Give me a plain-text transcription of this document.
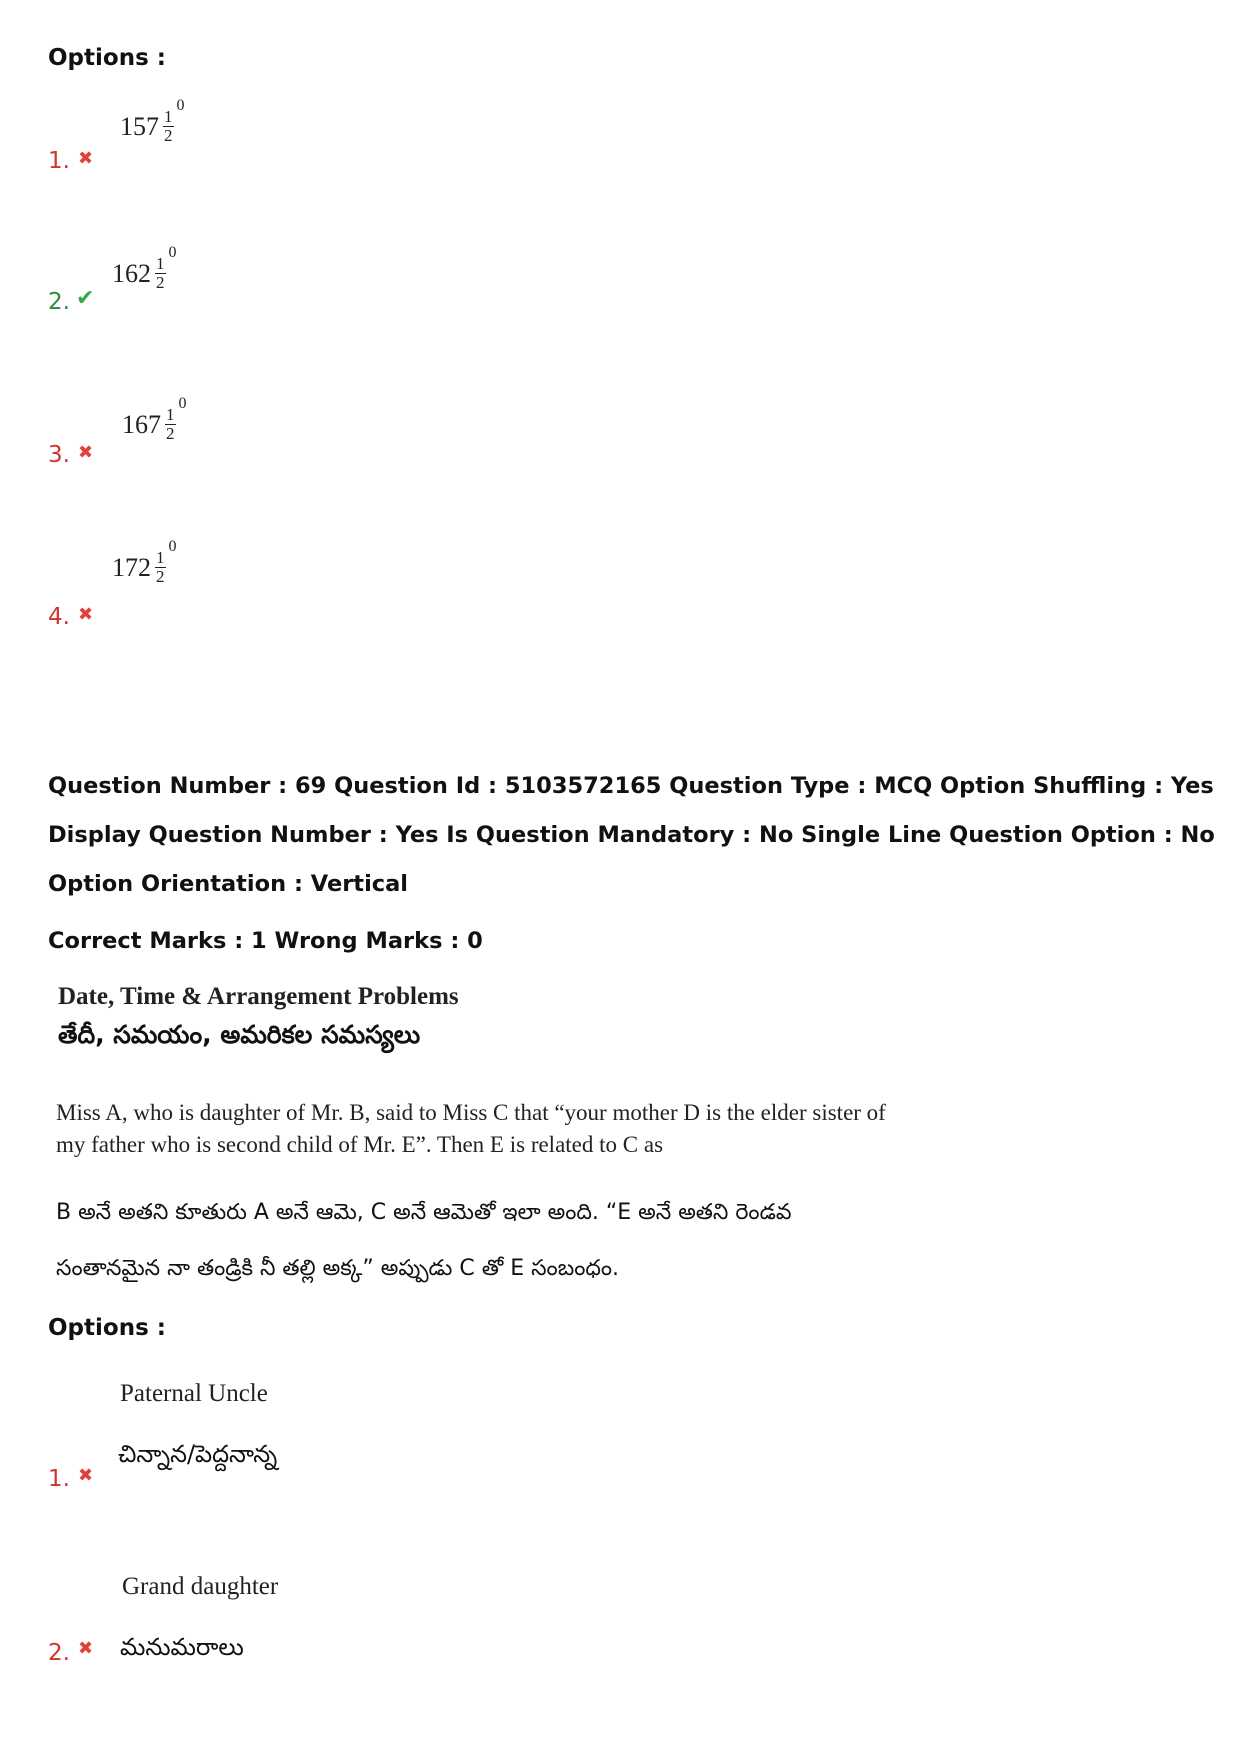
Options :
157 1
2
0
1. ✖
162 1
2
0
2. ✔
167 1
2
0
3. ✖
172 1
2
0
4. ✖
Question Number : 69 Question Id : 5103572165 Question Type : MCQ Option Shuffling : Yes
Display Question Number : Yes Is Question Mandatory : No Single Line Question Option : No
Option Orientation : Vertical
Correct Marks : 1 Wrong Marks : 0
Date, Time & Arrangement Problems
తేదీ, సమయం, అమరికల సమస్యలు
Miss A, who is daughter of Mr. B, said to Miss C that “your mother D is the elder sister of
my father who is second child of Mr. E”. Then E is related to C as
B అనే అతని కూతురు A అనే ఆమె, C అనే ఆమెతో ఇలా అంది. “E అనే అతని రెండవ
సంతానమైన నా తండ్రికి నీ తల్లి అక్క” అప్పుడు C తో E సంబంధం.
Options :
Paternal Uncle
చిన్నాన/పెద్దనాన్న
1. ✖
Grand daughter
మనుమరాలు
2. ✖
